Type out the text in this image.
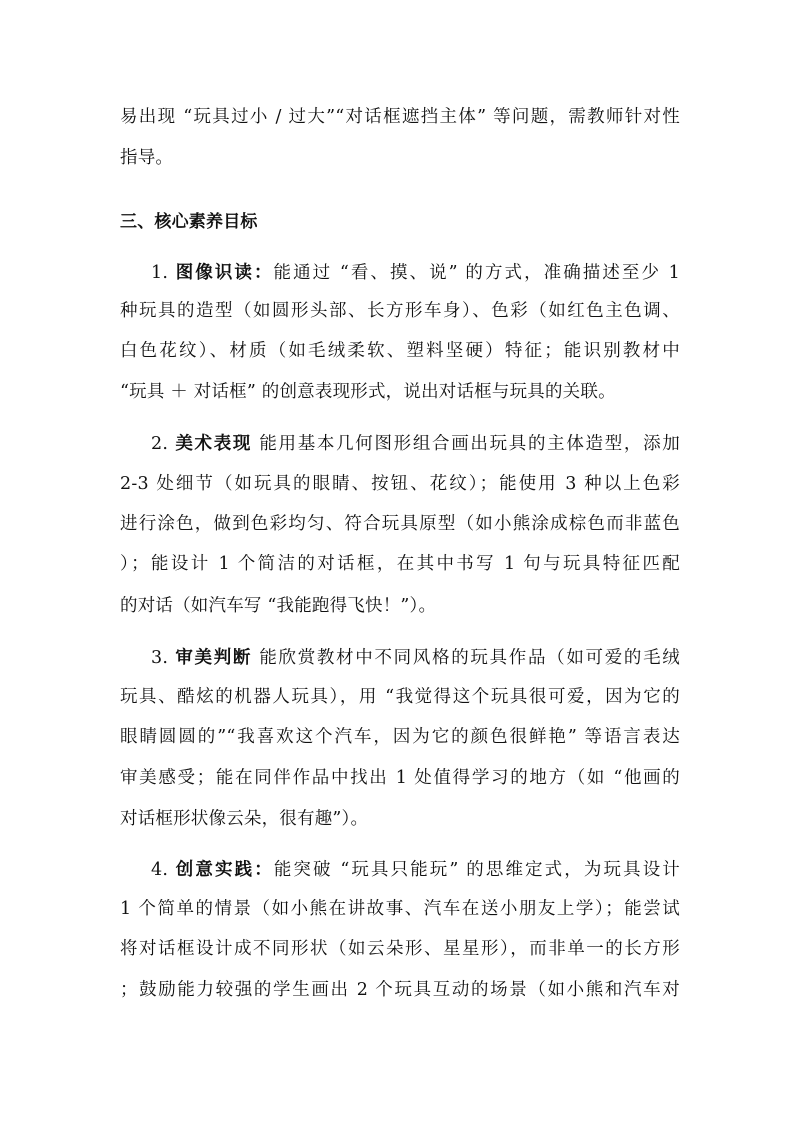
易出现 “玩具过小 / 过大”“对话框遮挡主体” 等问题，需教师针对性
指导。
三、核心素养目标
1. 图像识读：能通过 “看、摸、说” 的方式，准确描述至少 1
种玩具的造型（如圆形头部、长方形车身）、色彩（如红色主色调、
白色花纹）、材质（如毛绒柔软、塑料坚硬）特征；能识别教材中
“玩具 ＋ 对话框” 的创意表现形式，说出对话框与玩具的关联。
2. 美术表现 能用基本几何图形组合画出玩具的主体造型，添加
2-3 处细节（如玩具的眼睛、按钮、花纹）；能使用 3 种以上色彩
进行涂色，做到色彩均匀、符合玩具原型（如小熊涂成棕色而非蓝色
）；能设计 1 个简洁的对话框，在其中书写 1 句与玩具特征匹配
的对话（如汽车写 “我能跑得飞快！”）。
3. 审美判断 能欣赏教材中不同风格的玩具作品（如可爱的毛绒
玩具、酷炫的机器人玩具），用 “我觉得这个玩具很可爱，因为它的
眼睛圆圆的”“我喜欢这个汽车，因为它的颜色很鲜艳” 等语言表达
审美感受；能在同伴作品中找出 1 处值得学习的地方（如 “他画的
对话框形状像云朵，很有趣”）。
4. 创意实践：能突破 “玩具只能玩” 的思维定式，为玩具设计
1 个简单的情景（如小熊在讲故事、汽车在送小朋友上学）；能尝试
将对话框设计成不同形状（如云朵形、星星形），而非单一的长方形
；鼓励能力较强的学生画出 2 个玩具互动的场景（如小熊和汽车对
